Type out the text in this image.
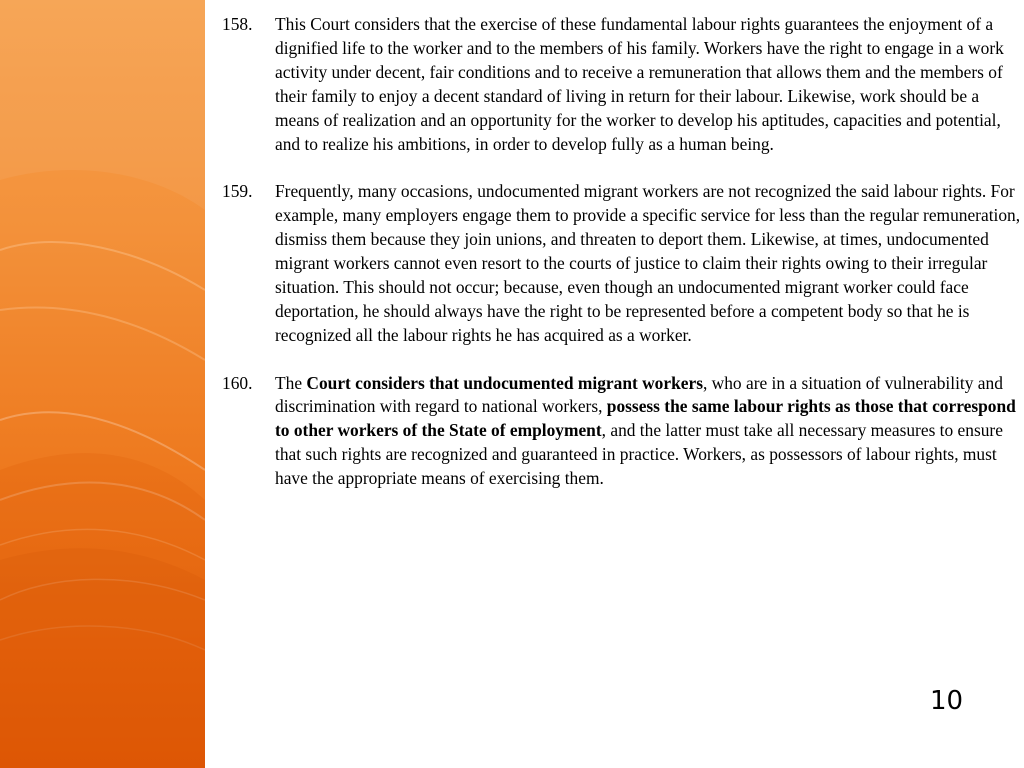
158. This Court considers that the exercise of these fundamental labour rights guarantees the enjoyment of a dignified life to the worker and to the members of his family. Workers have the right to engage in a work activity under decent, fair conditions and to receive a remuneration that allows them and the members of their family to enjoy a decent standard of living in return for their labour. Likewise, work should be a means of realization and an opportunity for the worker to develop his aptitudes, capacities and potential, and to realize his ambitions, in order to develop fully as a human being.
159. Frequently, many occasions, undocumented migrant workers are not recognized the said labour rights. For example, many employers engage them to provide a specific service for less than the regular remuneration, dismiss them because they join unions, and threaten to deport them. Likewise, at times, undocumented migrant workers cannot even resort to the courts of justice to claim their rights owing to their irregular situation. This should not occur; because, even though an undocumented migrant worker could face deportation, he should always have the right to be represented before a competent body so that he is recognized all the labour rights he has acquired as a worker.
160. The Court considers that undocumented migrant workers, who are in a situation of vulnerability and discrimination with regard to national workers, possess the same labour rights as those that correspond to other workers of the State of employment, and the latter must take all necessary measures to ensure that such rights are recognized and guaranteed in practice. Workers, as possessors of labour rights, must have the appropriate means of exercising them.
10
